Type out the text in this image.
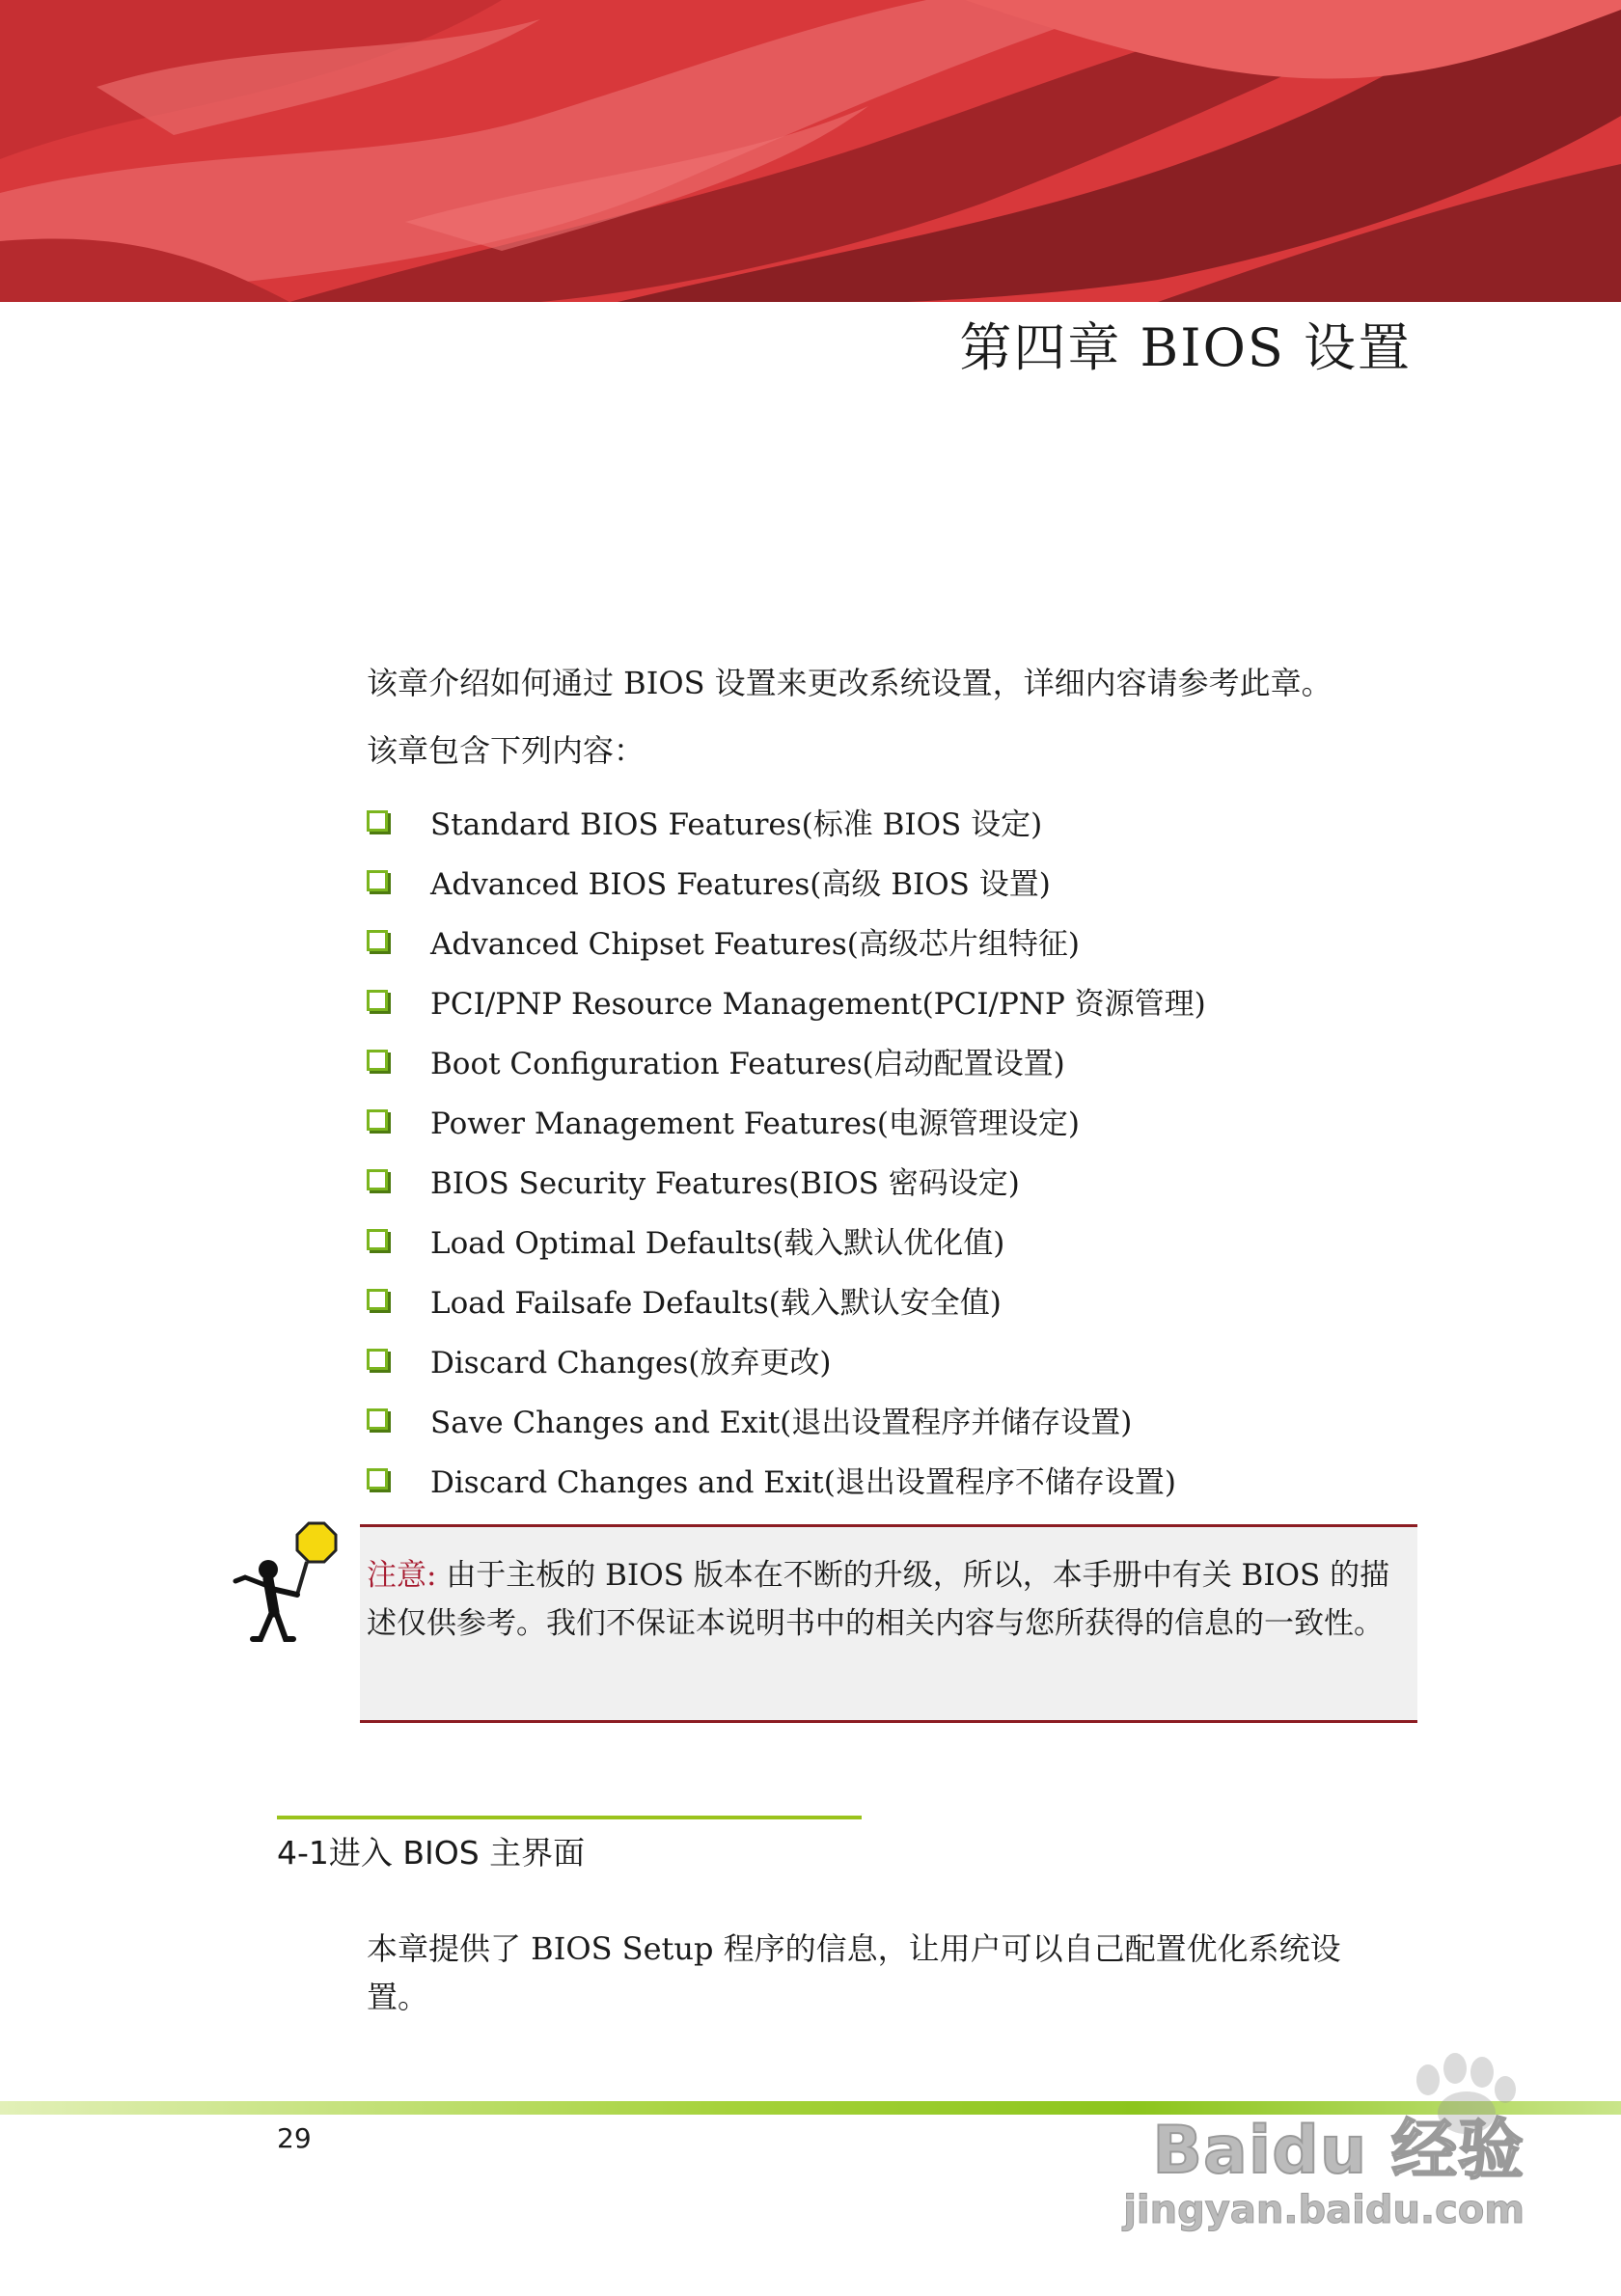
第四章 BIOS 设置

该章介绍如何通过 BIOS 设置来更改系统设置，详细内容请参考此章。

该章包含下列内容：

Standard BIOS Features(标准 BIOS 设定)
Advanced BIOS Features(高级 BIOS 设置)
Advanced Chipset Features(高级芯片组特征)
PCI/PNP Resource Management(PCI/PNP 资源管理)
Boot Configuration Features(启动配置设置)
Power Management Features(电源管理设定)
BIOS Security Features(BIOS 密码设定)
Load Optimal Defaults(载入默认优化值)
Load Failsafe Defaults(载入默认安全值)
Discard Changes(放弃更改)
Save Changes and Exit(退出设置程序并储存设置)
Discard Changes and Exit(退出设置程序不储存设置)

注意: 由于主板的 BIOS 版本在不断的升级，所以，本手册中有关 BIOS 的描述仅供参考。我们不保证本说明书中的相关内容与您所获得的信息的一致性。

4-1进入 BIOS 主界面

本章提供了 BIOS Setup 程序的信息，让用户可以自己配置优化系统设置。

29	Baidu 经验
jingyan.baidu.com
